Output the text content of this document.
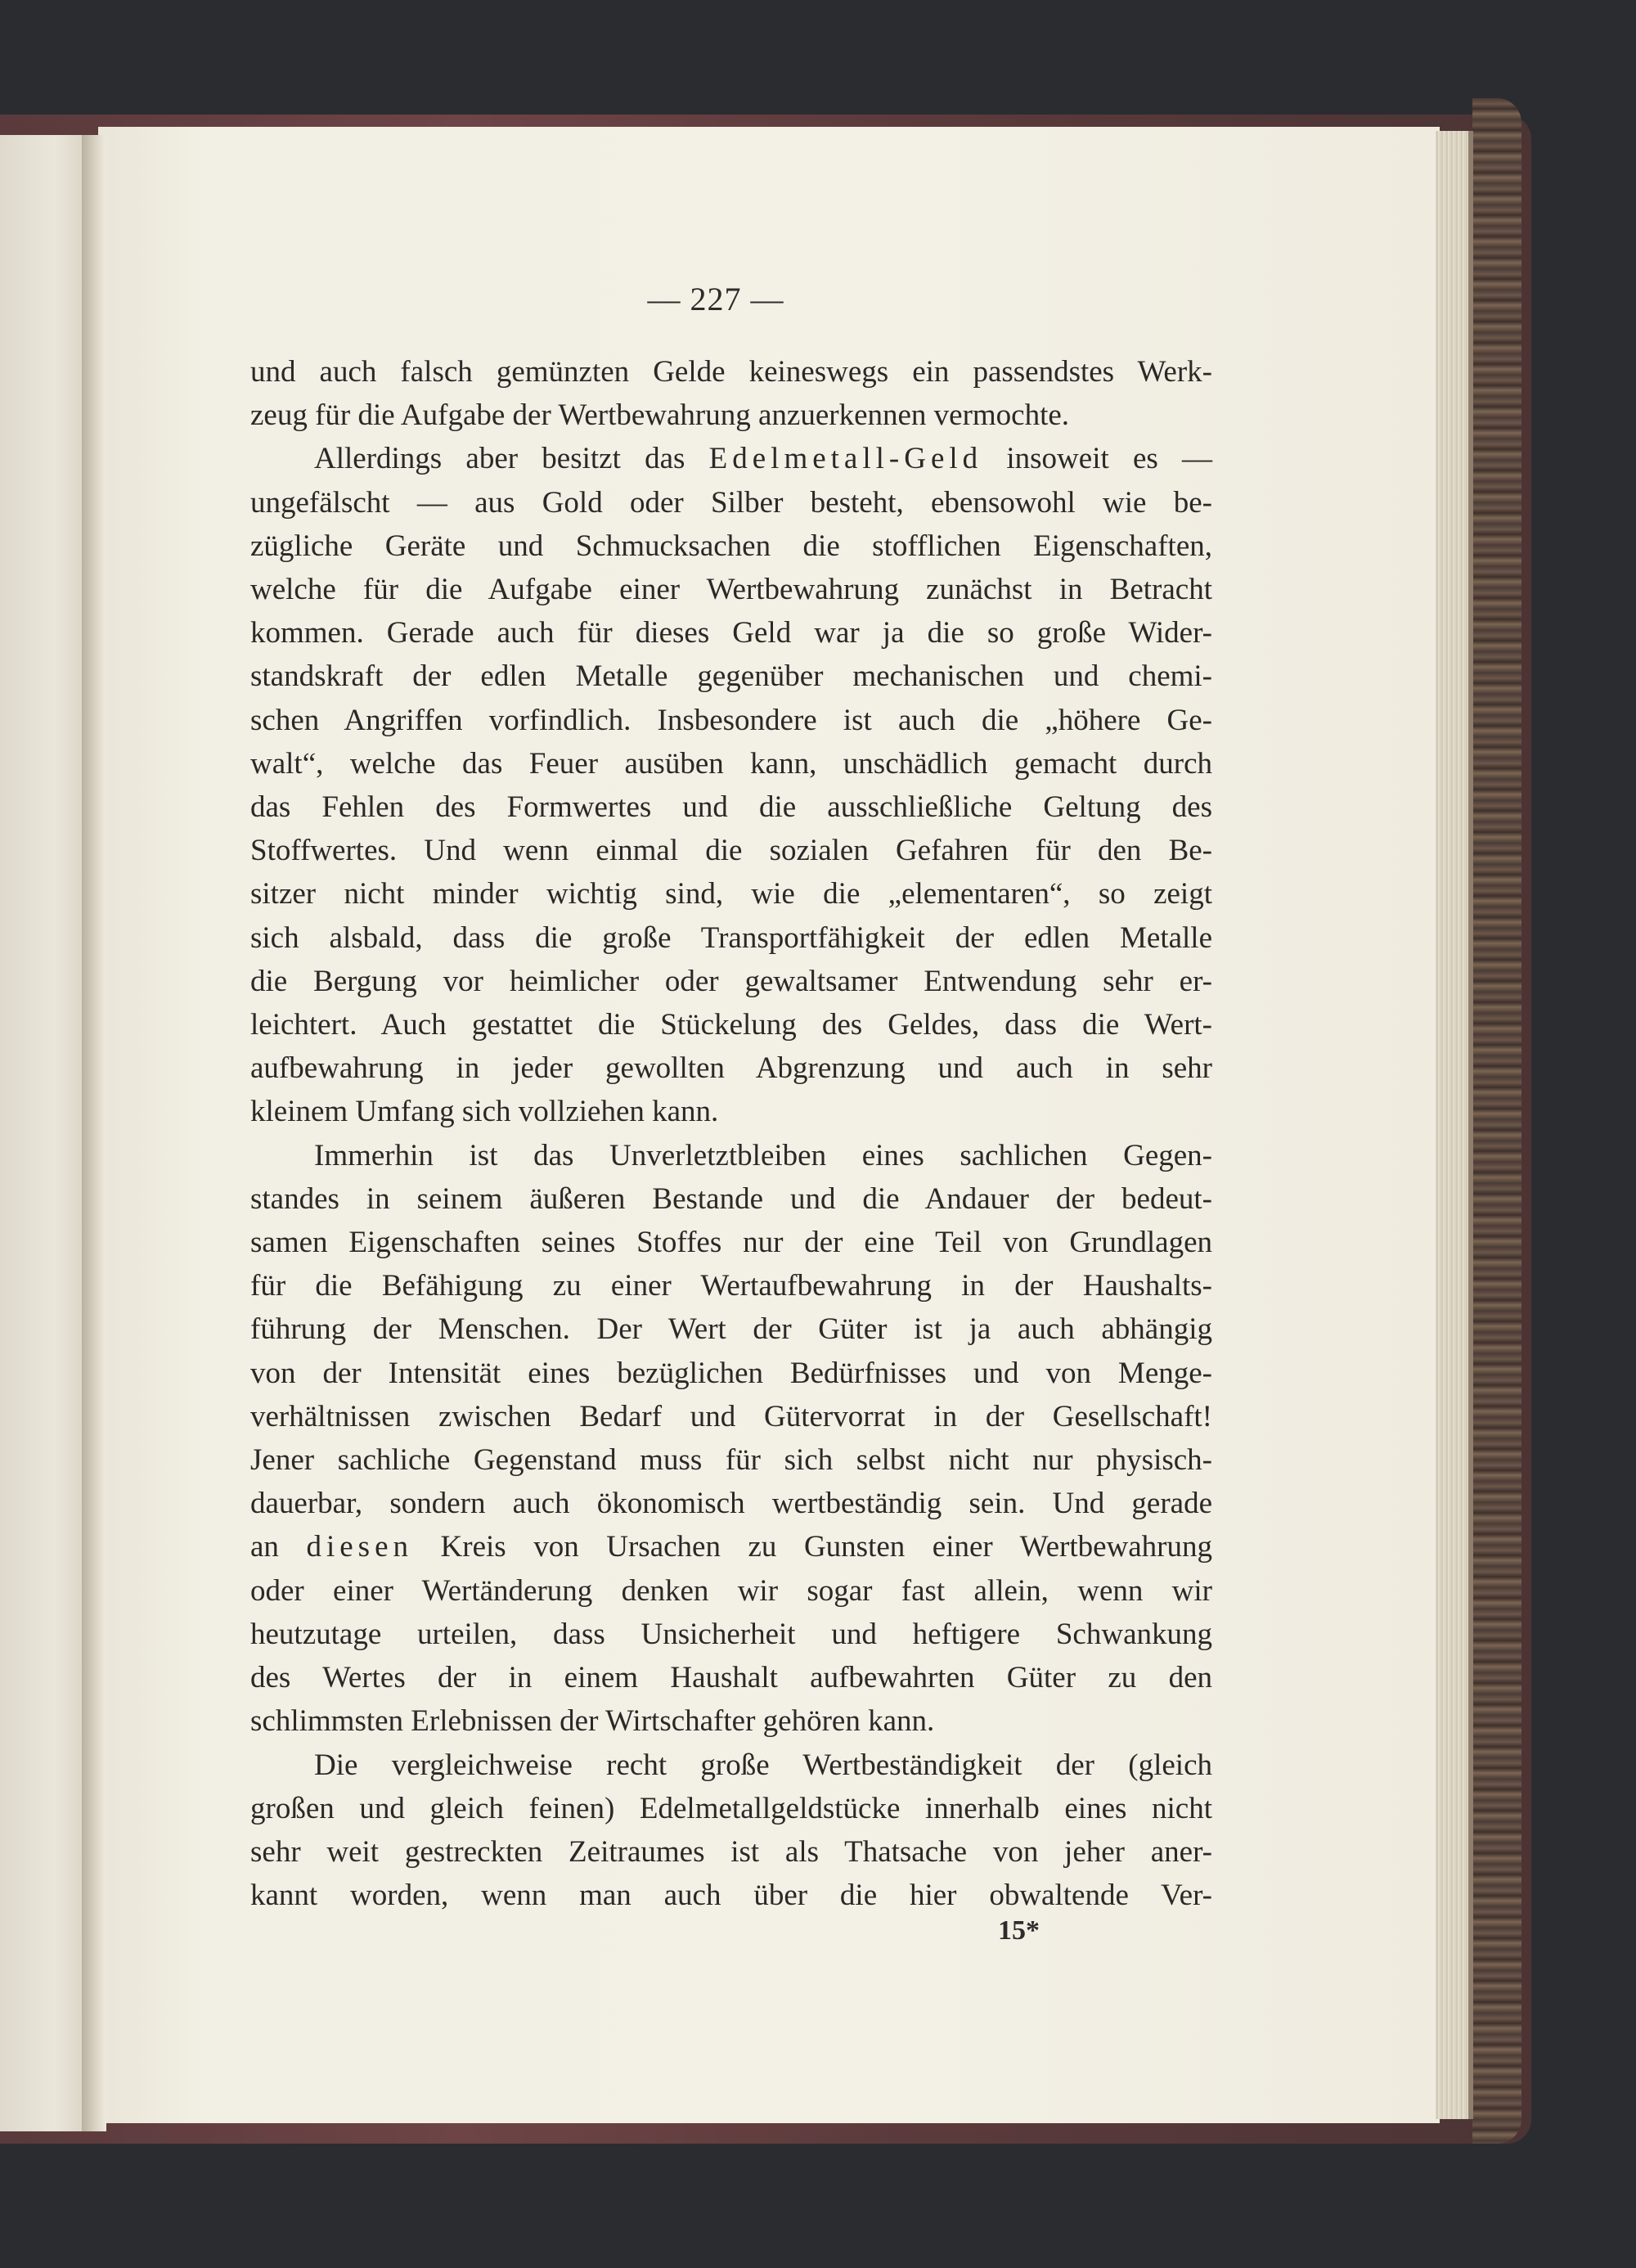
— 227 —

und auch falsch gemünzten Gelde keineswegs ein passendstes Werk-

zeug für die Aufgabe der Wertbewahrung anzuerkennen vermochte.

Allerdings aber besitzt das Edelmetall-Geld insoweit es —

ungefälscht — aus Gold oder Silber besteht, ebensowohl wie be-

zügliche Geräte und Schmucksachen die stofflichen Eigenschaften,

welche für die Aufgabe einer Wertbewahrung zunächst in Betracht

kommen. Gerade auch für dieses Geld war ja die so große Wider-

standskraft der edlen Metalle gegenüber mechanischen und chemi-

schen Angriffen vorfindlich. Insbesondere ist auch die „höhere Ge-

walt“, welche das Feuer ausüben kann, unschädlich gemacht durch

das Fehlen des Formwertes und die ausschließliche Geltung des

Stoffwertes. Und wenn einmal die sozialen Gefahren für den Be-

sitzer nicht minder wichtig sind, wie die „elementaren“, so zeigt

sich alsbald, dass die große Transportfähigkeit der edlen Metalle

die Bergung vor heimlicher oder gewaltsamer Entwendung sehr er-

leichtert. Auch gestattet die Stückelung des Geldes, dass die Wert-

aufbewahrung in jeder gewollten Abgrenzung und auch in sehr

kleinem Umfang sich vollziehen kann.

Immerhin ist das Unverletztbleiben eines sachlichen Gegen-

standes in seinem äußeren Bestande und die Andauer der bedeut-

samen Eigenschaften seines Stoffes nur der eine Teil von Grundlagen

für die Befähigung zu einer Wertaufbewahrung in der Haushalts-

führung der Menschen. Der Wert der Güter ist ja auch abhängig

von der Intensität eines bezüglichen Bedürfnisses und von Menge-

verhältnissen zwischen Bedarf und Gütervorrat in der Gesellschaft!

Jener sachliche Gegenstand muss für sich selbst nicht nur physisch-

dauerbar, sondern auch ökonomisch wertbeständig sein. Und gerade

an diesen Kreis von Ursachen zu Gunsten einer Wertbewahrung

oder einer Wertänderung denken wir sogar fast allein, wenn wir

heutzutage urteilen, dass Unsicherheit und heftigere Schwankung

des Wertes der in einem Haushalt aufbewahrten Güter zu den

schlimmsten Erlebnissen der Wirtschafter gehören kann.

Die vergleichweise recht große Wertbeständigkeit der (gleich

großen und gleich feinen) Edelmetallgeldstücke innerhalb eines nicht

sehr weit gestreckten Zeitraumes ist als Thatsache von jeher aner-

kannt worden, wenn man auch über die hier obwaltende Ver-

15*
